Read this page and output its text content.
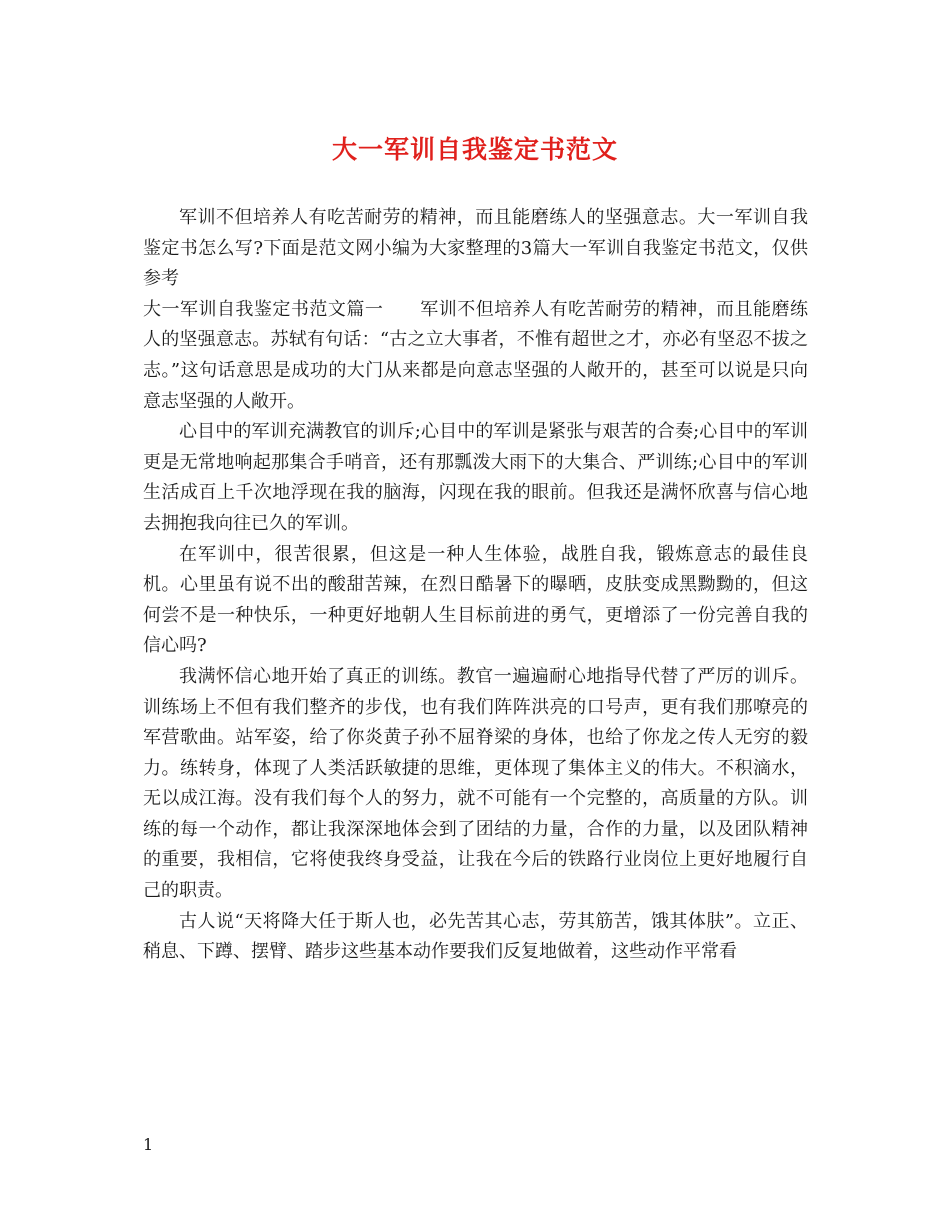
大一军训自我鉴定书范文

军训不但培养人有吃苦耐劳的精神，而且能磨练人的坚强意志。大一军训自我鉴定书怎么写?下面是范文网小编为大家整理的3篇大一军训自我鉴定书范文，仅供参考

大一军训自我鉴定书范文篇一　　军训不但培养人有吃苦耐劳的精神，而且能磨练人的坚强意志。苏轼有句话：“古之立大事者，不惟有超世之才，亦必有坚忍不拔之志。”这句话意思是成功的大门从来都是向意志坚强的人敞开的，甚至可以说是只向意志坚强的人敞开。

心目中的军训充满教官的训斥;心目中的军训是紧张与艰苦的合奏;心目中的军训更是无常地响起那集合手哨音，还有那瓢泼大雨下的大集合、严训练;心目中的军训生活成百上千次地浮现在我的脑海，闪现在我的眼前。但我还是满怀欣喜与信心地去拥抱我向往已久的军训。

在军训中，很苦很累，但这是一种人生体验，战胜自我，锻炼意志的最佳良机。心里虽有说不出的酸甜苦辣，在烈日酷暑下的曝晒，皮肤变成黑黝黝的，但这何尝不是一种快乐，一种更好地朝人生目标前进的勇气，更增添了一份完善自我的信心吗?

我满怀信心地开始了真正的训练。教官一遍遍耐心地指导代替了严厉的训斥。训练场上不但有我们整齐的步伐，也有我们阵阵洪亮的口号声，更有我们那嘹亮的军营歌曲。站军姿，给了你炎黄子孙不屈脊梁的身体，也给了你龙之传人无穷的毅力。练转身，体现了人类活跃敏捷的思维，更体现了集体主义的伟大。不积滴水，无以成江海。没有我们每个人的努力，就不可能有一个完整的，高质量的方队。训练的每一个动作，都让我深深地体会到了团结的力量，合作的力量，以及团队精神的重要，我相信，它将使我终身受益，让我在今后的铁路行业岗位上更好地履行自己的职责。

古人说“天将降大任于斯人也，必先苦其心志，劳其筋苦，饿其体肤”。立正、稍息、下蹲、摆臂、踏步这些基本动作要我们反复地做着，这些动作平常看

1
